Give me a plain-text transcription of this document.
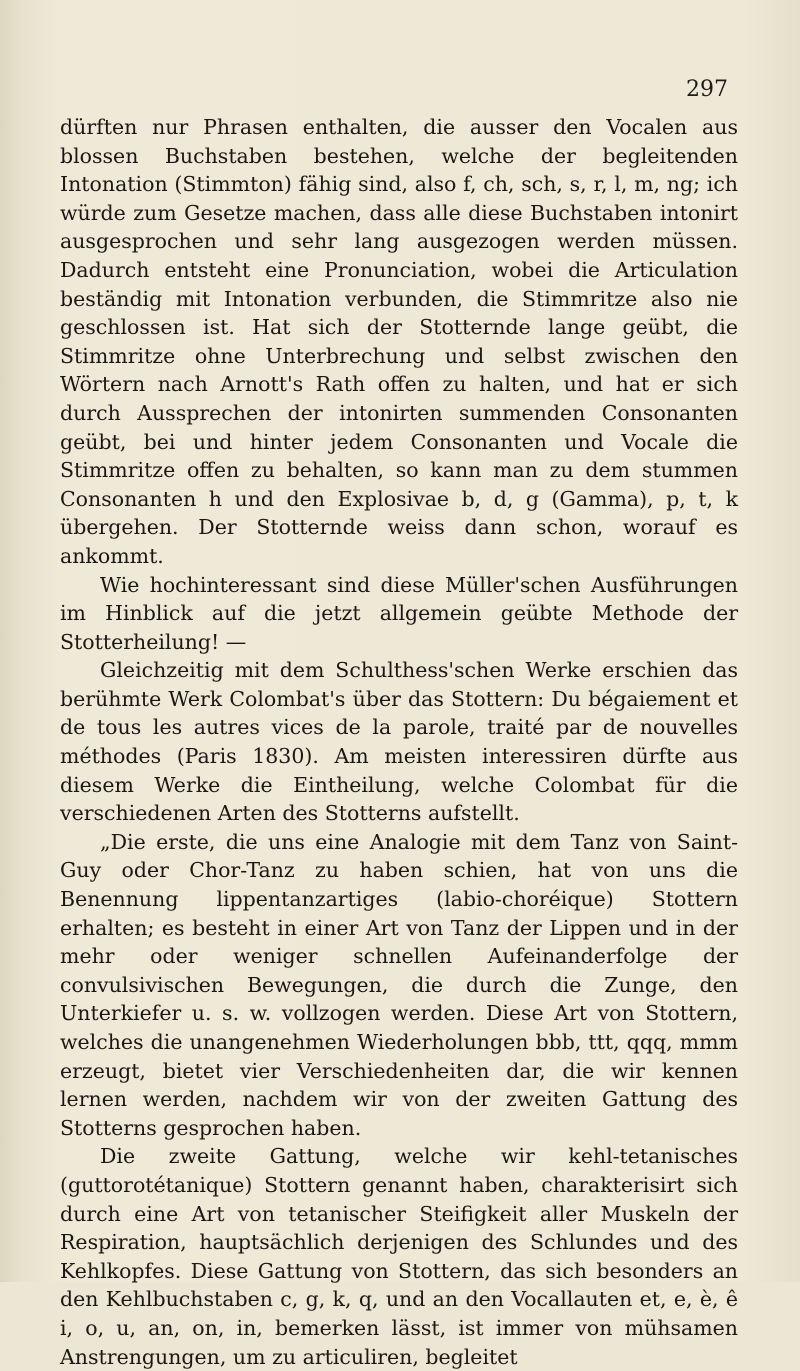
297

dürften nur Phrasen enthalten, die ausser den Vocalen aus blossen Buchstaben bestehen, welche der begleitenden Intonation (Stimmton) fähig sind, also f, ch, sch, s, r, l, m, ng; ich würde zum Gesetze machen, dass alle diese Buchstaben intonirt ausgesprochen und sehr lang ausgezogen werden müssen. Dadurch entsteht eine Pronunciation, wobei die Articulation beständig mit Intonation verbunden, die Stimmritze also nie geschlossen ist. Hat sich der Stotternde lange geübt, die Stimmritze ohne Unterbrechung und selbst zwischen den Wörtern nach Arnott's Rath offen zu halten, und hat er sich durch Aussprechen der intonirten summenden Consonanten geübt, bei und hinter jedem Consonanten und Vocale die Stimmritze offen zu behalten, so kann man zu dem stummen Consonanten h und den Explosivae b, d, g (Gamma), p, t, k übergehen. Der Stotternde weiss dann schon, worauf es ankommt.

Wie hochinteressant sind diese Müller'schen Ausführungen im Hinblick auf die jetzt allgemein geübte Methode der Stotterheilung! —

Gleichzeitig mit dem Schulthess'schen Werke erschien das berühmte Werk Colombat's über das Stottern: Du bégaiement et de tous les autres vices de la parole, traité par de nouvelles méthodes (Paris 1830). Am meisten interessiren dürfte aus diesem Werke die Eintheilung, welche Colombat für die verschiedenen Arten des Stotterns aufstellt.

„Die erste, die uns eine Analogie mit dem Tanz von Saint-Guy oder Chor-Tanz zu haben schien, hat von uns die Benennung lippentanzartiges (labio-choréique) Stottern erhalten; es besteht in einer Art von Tanz der Lippen und in der mehr oder weniger schnellen Aufeinanderfolge der convulsivischen Bewegungen, die durch die Zunge, den Unterkiefer u. s. w. vollzogen werden. Diese Art von Stottern, welches die unangenehmen Wiederholungen bbb, ttt, qqq, mmm erzeugt, bietet vier Verschiedenheiten dar, die wir kennen lernen werden, nachdem wir von der zweiten Gattung des Stotterns gesprochen haben.

Die zweite Gattung, welche wir kehl-tetanisches (guttorotétanique) Stottern genannt haben, charakterisirt sich durch eine Art von tetanischer Steifigkeit aller Muskeln der Respiration, hauptsächlich derjenigen des Schlundes und des Kehlkopfes. Diese Gattung von Stottern, das sich besonders an den Kehlbuchstaben c, g, k, q, und an den Vocallauten et, e, è, ê i, o, u, an, on, in, bemerken lässt, ist immer von mühsamen Anstrengungen, um zu articuliren, begleitet
